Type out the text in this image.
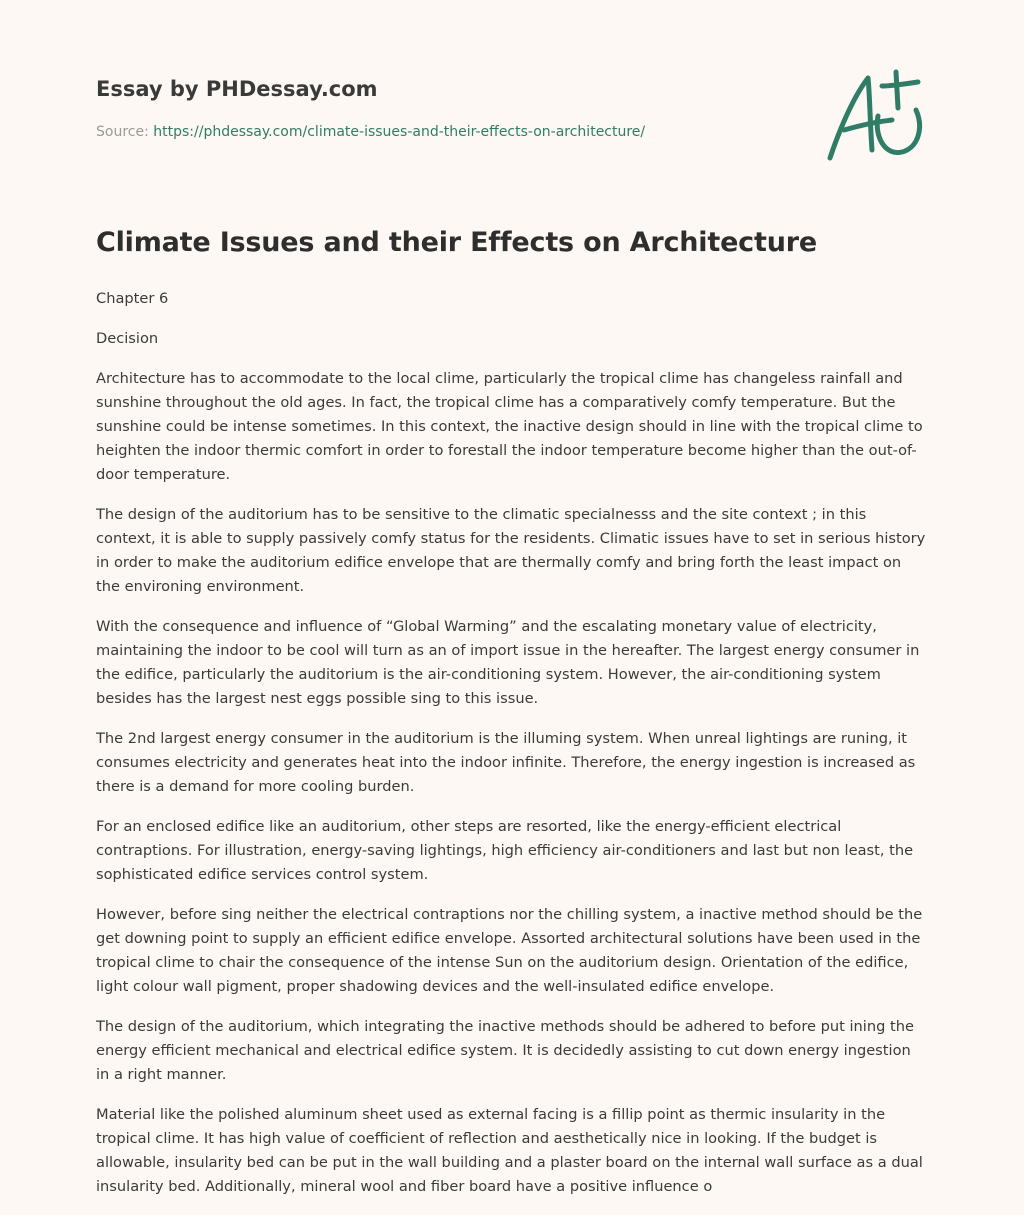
Essay by PHDessay.com
Source: https://phdessay.com/climate-issues-and-their-effects-on-architecture/
Climate Issues and their Effects on Architecture

Chapter 6

Decision

Architecture has to accommodate to the local clime, particularly the tropical clime has changeless rainfall and sunshine throughout the old ages. In fact, the tropical clime has a comparatively comfy temperature. But the sunshine could be intense sometimes. In this context, the inactive design should in line with the tropical clime to heighten the indoor thermic comfort in order to forestall the indoor temperature become higher than the out-of-door temperature.

The design of the auditorium has to be sensitive to the climatic specialnesss and the site context ; in this context, it is able to supply passively comfy status for the residents. Climatic issues have to set in serious history in order to make the auditorium edifice envelope that are thermally comfy and bring forth the least impact on the environing environment.

With the consequence and influence of “Global Warming” and the escalating monetary value of electricity, maintaining the indoor to be cool will turn as an of import issue in the hereafter. The largest energy consumer in the edifice, particularly the auditorium is the air-conditioning system. However, the air-conditioning system besides has the largest nest eggs possible sing to this issue.

The 2nd largest energy consumer in the auditorium is the illuming system. When unreal lightings are runing, it consumes electricity and generates heat into the indoor infinite. Therefore, the energy ingestion is increased as there is a demand for more cooling burden.

For an enclosed edifice like an auditorium, other steps are resorted, like the energy-efficient electrical contraptions. For illustration, energy-saving lightings, high efficiency air-conditioners and last but non least, the sophisticated edifice services control system.

However, before sing neither the electrical contraptions nor the chilling system, a inactive method should be the get downing point to supply an efficient edifice envelope. Assorted architectural solutions have been used in the tropical clime to chair the consequence of the intense Sun on the auditorium design. Orientation of the edifice, light colour wall pigment, proper shadowing devices and the well-insulated edifice envelope.

The design of the auditorium, which integrating the inactive methods should be adhered to before put ining the energy efficient mechanical and electrical edifice system. It is decidedly assisting to cut down energy ingestion in a right manner.

Material like the polished aluminum sheet used as external facing is a fillip point as thermic insularity in the tropical clime. It has high value of coefficient of reflection and aesthetically nice in looking. If the budget is allowable, insularity bed can be put in the wall building and a plaster board on the internal wall surface as a dual insularity bed. Additionally, mineral wool and fiber board have a positive influence o
